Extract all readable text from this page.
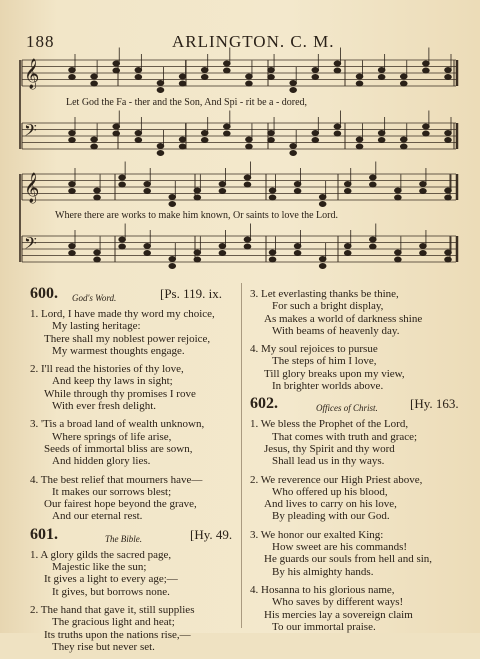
188	ARLINGTON. C. M.
𝄞
𝄢
𝄞
𝄢
Let God the Fa - ther and the Son, And Spi - rit be a - dored,
Where there are works to make him known, Or saints to love the Lord.
600. God's Word.	[Ps. 119. ix.
1. Lord, I have made thy word my choice,
My lasting heritage:
There shall my noblest power rejoice,
My warmest thoughts engage.
2. I'll read the histories of thy love,
And keep thy laws in sight;
While through thy promises I rove
With ever fresh delight.
3. 'Tis a broad land of wealth unknown,
Where springs of life arise,
Seeds of immortal bliss are sown,
And hidden glory lies.
4. The best relief that mourners have—
It makes our sorrows blest;
Our fairest hope beyond the grave,
And our eternal rest.
601.	The Bible.	[Hy. 49.
1. A glory gilds the sacred page,
Majestic like the sun;
It gives a light to every age;—
It gives, but borrows none.
2. The hand that gave it, still supplies
The gracious light and heat;
Its truths upon the nations rise,—
They rise but never set.
3. Let everlasting thanks be thine,
For such a bright display,
As makes a world of darkness shine
With beams of heavenly day.
4. My soul rejoices to pursue
The steps of him I love,
Till glory breaks upon my view,
In brighter worlds above.
602.	Offices of Christ. [Hy. 163.
1. We bless the Prophet of the Lord,
That comes with truth and grace;
Jesus, thy Spirit and thy word
Shall lead us in thy ways.
2. We reverence our High Priest above,
Who offered up his blood,
And lives to carry on his love,
By pleading with our God.
3. We honor our exalted King:
How sweet are his commands!
He guards our souls from hell and sin,
By his almighty hands.
4. Hosanna to his glorious name,
Who saves by different ways!
His mercies lay a sovereign claim
To our immortal praise.
